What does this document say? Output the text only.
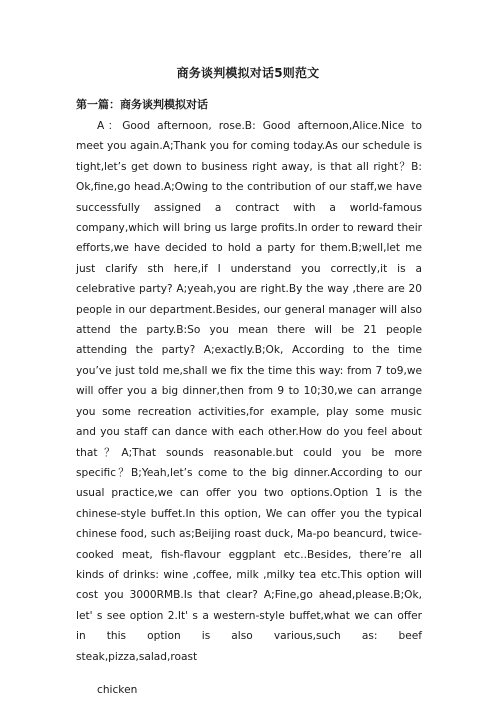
商务谈判模拟对话5则范文
第一篇：商务谈判模拟对话

A：Good afternoon, rose.B: Good afternoon,Alice.Nice to meet you again.A;Thank you for coming today.As our schedule is tight,let’s get down to business right away, is that all right？B: Ok,fine,go head.A;Owing to the contribution of our staff,we have successfully assigned a contract with a world-famous company,which will bring us large profits.In order to reward their efforts,we have decided to hold a party for them.B;well,let me just clarify sth here,if I understand you correctly,it is a celebrative party? A;yeah,you are right.By the way ,there are 20 people in our department.Besides, our general manager will also attend the party.B:So you mean there will be 21 people attending the party? A;exactly.B;Ok, According to the time you’ve just told me,shall we fix the time this way: from 7 to9,we will offer you a big dinner,then from 9 to 10;30,we can arrange you some recreation activities,for example, play some music and you staff can dance with each other.How do you feel about that？A;That sounds reasonable.but could you be more specific？B;Yeah,let’s come to the big dinner.According to our usual practice,we can offer you two options.Option 1 is the chinese-style buffet.In this option, We can offer you the typical chinese food, such as;Beijing roast duck, Ma-po beancurd, twice-cooked meat, fish-flavour eggplant etc..Besides, there’re all kinds of drinks: wine ,coffee, milk ,milky tea etc.This option will cost you 3000RMB.Is that clear? A;Fine,go ahead,please.B;Ok, let' s see option 2.It' s a western-style buffet,what we can offer in this option is also various,such as: beef steak,pizza,salad,roast

chicken
